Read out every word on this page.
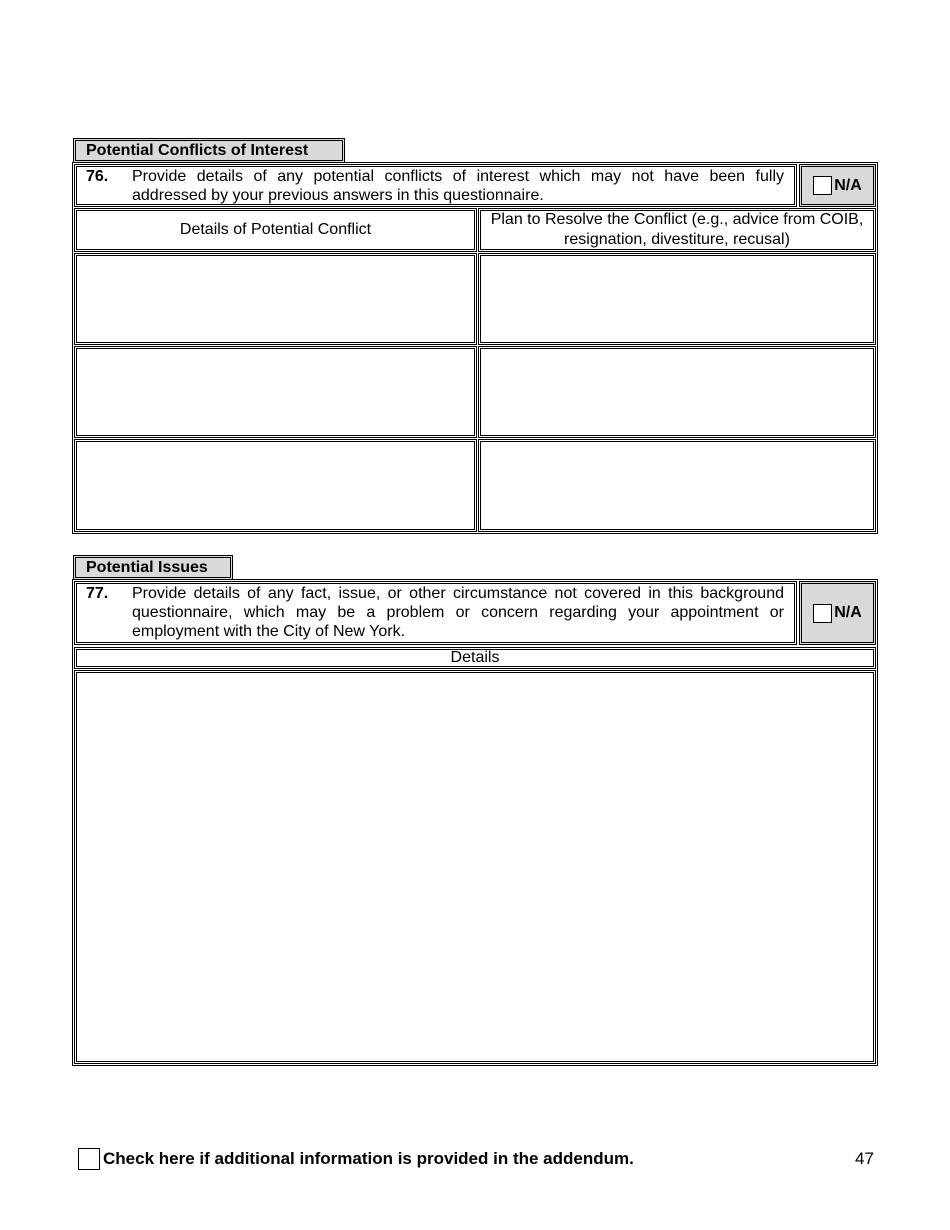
Potential Conflicts of Interest
76. Provide details of any potential conflicts of interest which may not have been fully addressed by your previous answers in this questionnaire.
N/A
Details of Potential Conflict
Plan to Resolve the Conflict (e.g., advice from COIB, resignation, divestiture, recusal)
Potential Issues
77. Provide details of any fact, issue, or other circumstance not covered in this background questionnaire, which may be a problem or concern regarding your appointment or employment with the City of New York.
N/A
Details
Check here if additional information is provided in the addendum.	47
